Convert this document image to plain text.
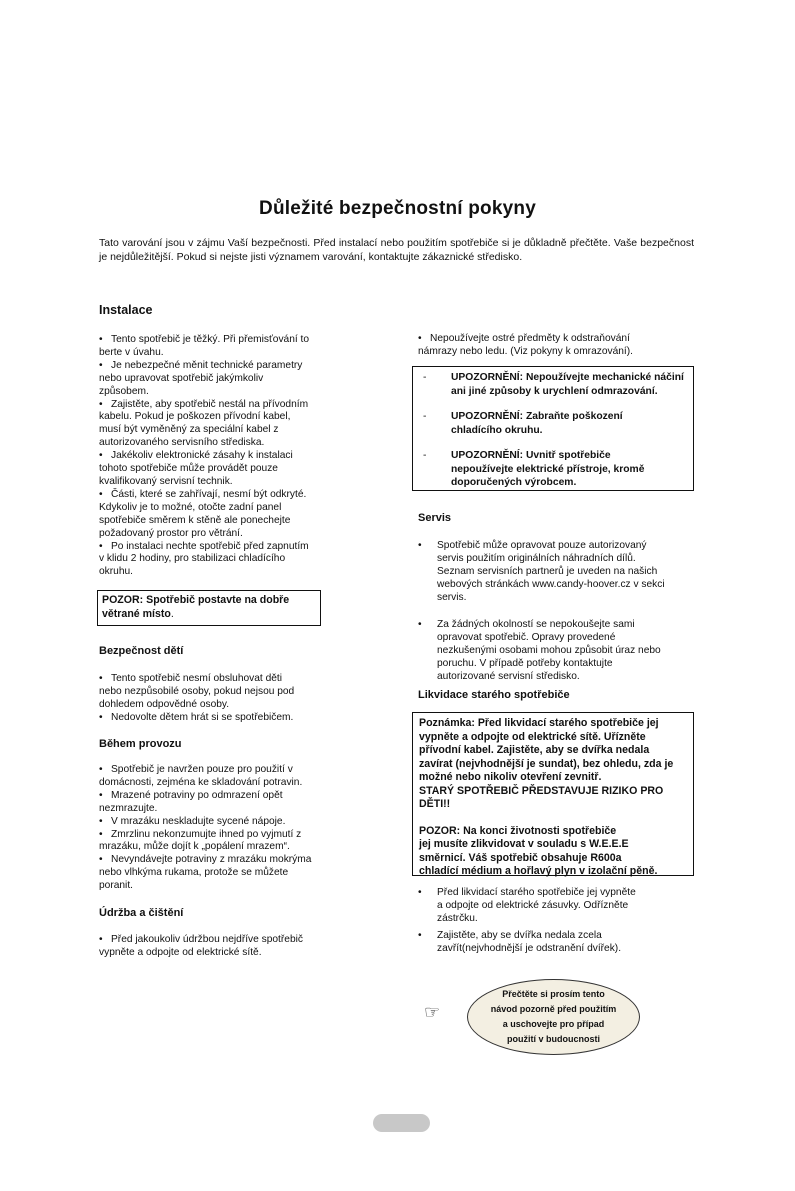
Důležité bezpečnostní pokyny
Tato varování jsou v zájmu Vaší bezpečnosti. Před instalací nebo použitím spotřebiče si je důkladně přečtěte. Vaše bezpečnost je nejdůležitější. Pokud si nejste jisti významem varování, kontaktujte zákaznické středisko.
Instalace

• Tento spotřebič je těžký. Při přemisťování to

berte v úvahu.

• Je nebezpečné měnit technické parametry

nebo upravovat spotřebič jakýmkoliv

způsobem.

• Zajistěte, aby spotřebič nestál na přívodním

kabelu. Pokud je poškozen přívodní kabel,

musí být vyměněný za speciální kabel z

autorizovaného servisního střediska.

• Jakékoliv elektronické zásahy k instalaci

tohoto spotřebiče může provádět pouze

kvalifikovaný servisní technik.

• Části, které se zahřívají, nesmí být odkryté.

Kdykoliv je to možné, otočte zadní panel

spotřebiče směrem k stěně ale ponechejte

požadovaný prostor pro větrání.

• Po instalaci nechte spotřebič před zapnutím

v klidu 2 hodiny, pro stabilizaci chladícího

okruhu.

POZOR: Spotřebič postavte na dobře
větrané místo.
Bezpečnost dětí

• Tento spotřebič nesmí obsluhovat děti

nebo nezpůsobilé osoby, pokud nejsou pod

dohledem odpovědné osoby.

• Nedovolte dětem hrát si se spotřebičem.

Během provozu

• Spotřebič je navržen pouze pro použití v

domácnosti, zejména ke skladování potravin.

• Mrazené potraviny po odmrazení opět

nezmrazujte.

• V mrazáku neskladujte sycené nápoje.

• Zmrzlinu nekonzumujte ihned po vyjmutí z

mrazáku, může dojít k „popálení mrazem“.

• Nevyndávejte potraviny z mrazáku mokrýma

nebo vlhkýma rukama, protože se můžete

poranit.

Údržba a čištění

• Před jakoukoliv údržbou nejdříve spotřebič

vypněte a odpojte od elektrické sítě.

• Nepoužívejte ostré předměty k odstraňování

námrazy nebo ledu. (Viz pokyny k omrazování).

-	UPOZORNĚNÍ: Nepoužívejte mechanické náčiní
ani jiné způsoby k urychlení odmrazování.
-	UPOZORNĚNÍ: Zabraňte poškození
chladícího okruhu.
-	UPOZORNĚNÍ: Uvnitř spotřebiče
nepoužívejte elektrické přístroje, kromě
doporučených výrobcem.
Servis
•	Spotřebič může opravovat pouze autorizovaný
servis použitím originálních náhradních dílů.
Seznam servisních partnerů je uveden na našich
webových stránkách www.candy-hoover.cz v sekci
servis.
•	Za žádných okolností se nepokoušejte sami
opravovat spotřebič. Opravy provedené
nezkušenými osobami mohou způsobit úraz nebo
poruchu. V případě potřeby kontaktujte
autorizované servisní středisko.
Likvidace starého spotřebiče

Poznámka: Před likvidací starého spotřebiče jej

vypněte a odpojte od elektrické sítě. Uřízněte

přívodní kabel. Zajistěte, aby se dvířka nedala

zavírat (nejvhodnější je sundat), bez ohledu, zda je

možné nebo nikoliv otevření zevnitř.

STARÝ SPOTŘEBIČ PŘEDSTAVUJE RIZIKO PRO

DĚTI!!

POZOR: Na konci životnosti spotřebiče

jej musíte zlikvidovat v souladu s W.E.E.E

směrnicí. Váš spotřebič obsahuje R600a

chladící médium a hořlavý plyn v izolační pěně.

•	Před likvidací starého spotřebiče jej vypněte
a odpojte od elektrické zásuvky. Odřízněte
zástrčku.
•	Zajistěte, aby se dvířka nedala zcela
zavřít(nejvhodnější je odstranění dvířek).
☞
Přečtěte si prosím tento
návod pozorně před použitím
a uschovejte pro případ
použití v budoucnosti
